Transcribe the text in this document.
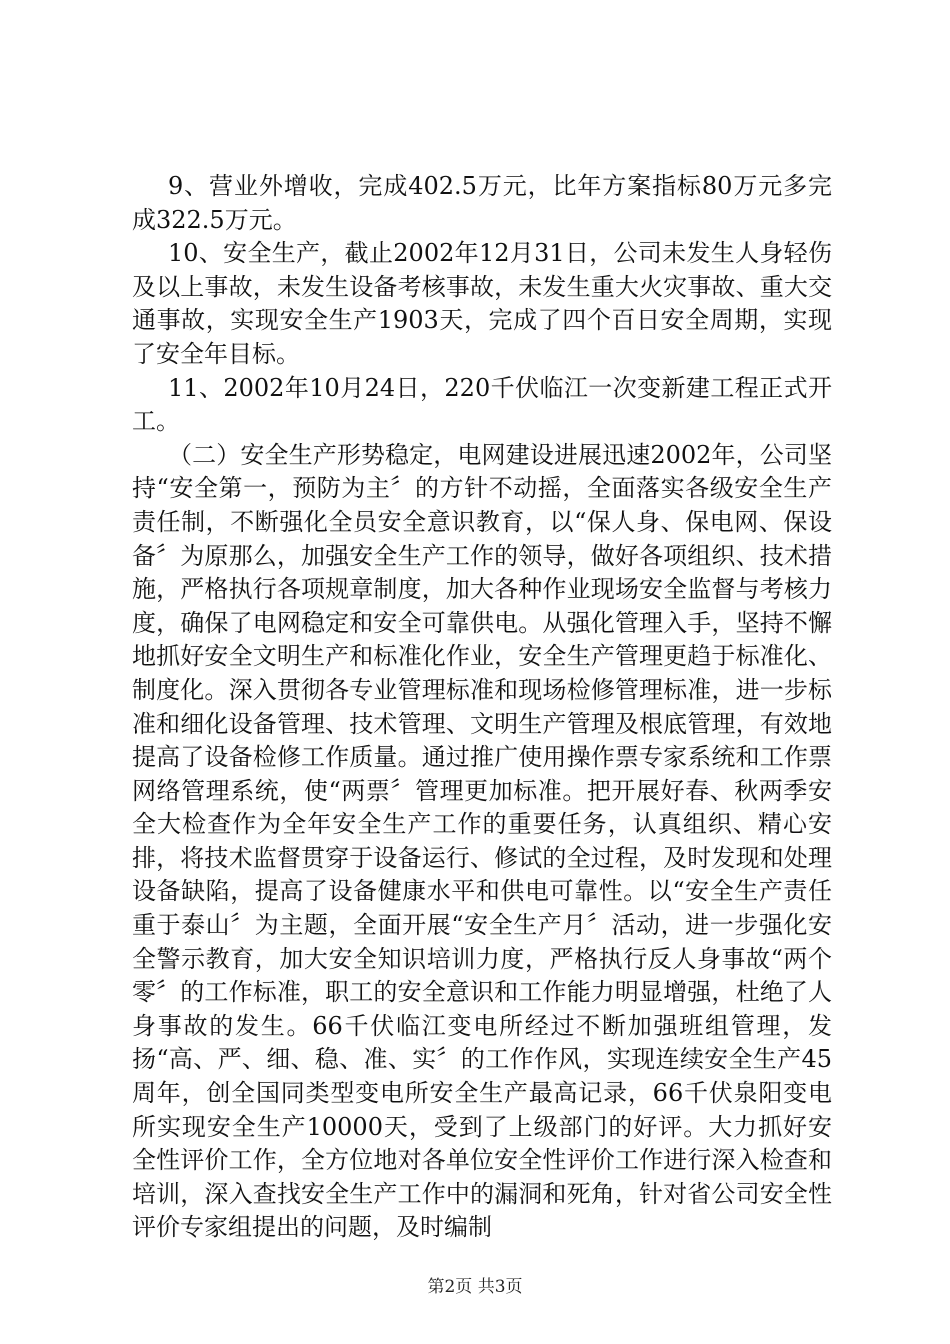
9、营业外增收，完成402.5万元，比年方案指标80万元多完成322.5万元。

10、安全生产，截止2002年12月31日，公司未发生人身轻伤及以上事故，未发生设备考核事故，未发生重大火灾事故、重大交通事故，实现安全生产1903天，完成了四个百日安全周期，实现了安全年目标。

11、2002年10月24日，220千伏临江一次变新建工程正式开工。

（二）安全生产形势稳定，电网建设进展迅速2002年，公司坚持“安全第一，预防为主〞的方针不动摇，全面落实各级安全生产责任制，不断强化全员安全意识教育，以“保人身、保电网、保设备〞为原那么，加强安全生产工作的领导，做好各项组织、技术措施，严格执行各项规章制度，加大各种作业现场安全监督与考核力度，确保了电网稳定和安全可靠供电。从强化管理入手，坚持不懈地抓好安全文明生产和标准化作业，安全生产管理更趋于标准化、制度化。深入贯彻各专业管理标准和现场检修管理标准，进一步标准和细化设备管理、技术管理、文明生产管理及根底管理，有效地提高了设备检修工作质量。通过推广使用操作票专家系统和工作票网络管理系统，使“两票〞管理更加标准。把开展好春、秋两季安全大检查作为全年安全生产工作的重要任务，认真组织、精心安排，将技术监督贯穿于设备运行、修试的全过程，及时发现和处理设备缺陷，提高了设备健康水平和供电可靠性。以“安全生产责任重于泰山〞为主题，全面开展“安全生产月〞活动，进一步强化安全警示教育，加大安全知识培训力度，严格执行反人身事故“两个零〞的工作标准，职工的安全意识和工作能力明显增强，杜绝了人身事故的发生。66千伏临江变电所经过不断加强班组管理，发扬“高、严、细、稳、准、实〞的工作作风，实现连续安全生产45周年，创全国同类型变电所安全生产最高记录，66千伏泉阳变电所实现安全生产10000天，受到了上级部门的好评。大力抓好安全性评价工作，全方位地对各单位安全性评价工作进行深入检查和培训，深入查找安全生产工作中的漏洞和死角，针对省公司安全性评价专家组提出的问题，及时编制

第2页 共3页
